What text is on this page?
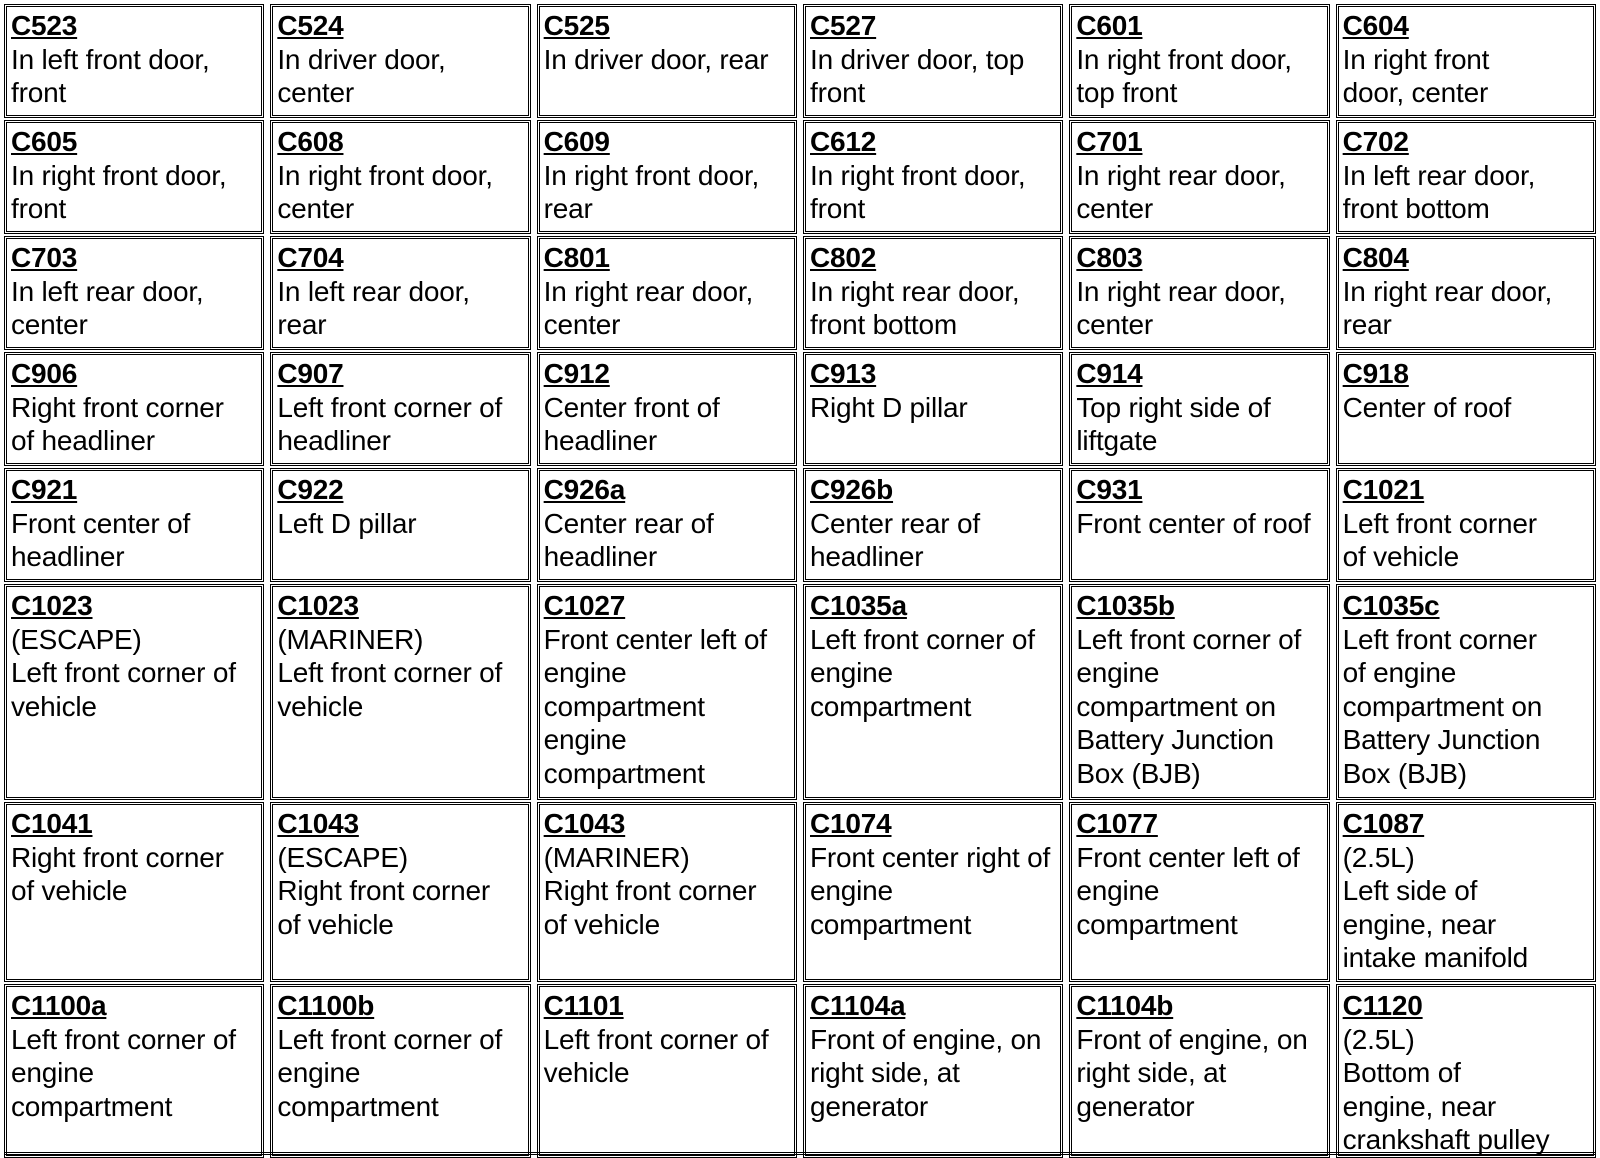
C523
In left front door,
front
C524
In driver door,
center
C525
In driver door, rear
C527
In driver door, top
front
C601
In right front door,
top front
C604
In right front
door, center
C605
In right front door,
front
C608
In right front door,
center
C609
In right front door,
rear
C612
In right front door,
front
C701
In right rear door,
center
C702
In left rear door,
front bottom
C703
In left rear door,
center
C704
In left rear door,
rear
C801
In right rear door,
center
C802
In right rear door,
front bottom
C803
In right rear door,
center
C804
In right rear door,
rear
C906
Right front corner
of headliner
C907
Left front corner of
headliner
C912
Center front of
headliner
C913
Right D pillar
C914
Top right side of
liftgate
C918
Center of roof
C921
Front center of
headliner
C922
Left D pillar
C926a
Center rear of
headliner
C926b
Center rear of
headliner
C931
Front center of roof
C1021
Left front corner
of vehicle
C1023
(ESCAPE)
Left front corner of
vehicle
C1023
(MARINER)
Left front corner of
vehicle
C1027
Front center left of
engine
compartment
engine
compartment
C1035a
Left front corner of
engine
compartment
C1035b
Left front corner of
engine
compartment on
Battery Junction
Box (BJB)
C1035c
Left front corner
of engine
compartment on
Battery Junction
Box (BJB)
C1041
Right front corner
of vehicle
C1043
(ESCAPE)
Right front corner
of vehicle
C1043
(MARINER)
Right front corner
of vehicle
C1074
Front center right of
engine
compartment
C1077
Front center left of
engine
compartment
C1087
(2.5L)
Left side of
engine, near
intake manifold
C1100a
Left front corner of
engine
compartment
C1100b
Left front corner of
engine
compartment
C1101
Left front corner of
vehicle
C1104a
Front of engine, on
right side, at
generator
C1104b
Front of engine, on
right side, at
generator
C1120
(2.5L)
Bottom of
engine, near
crankshaft pulley
